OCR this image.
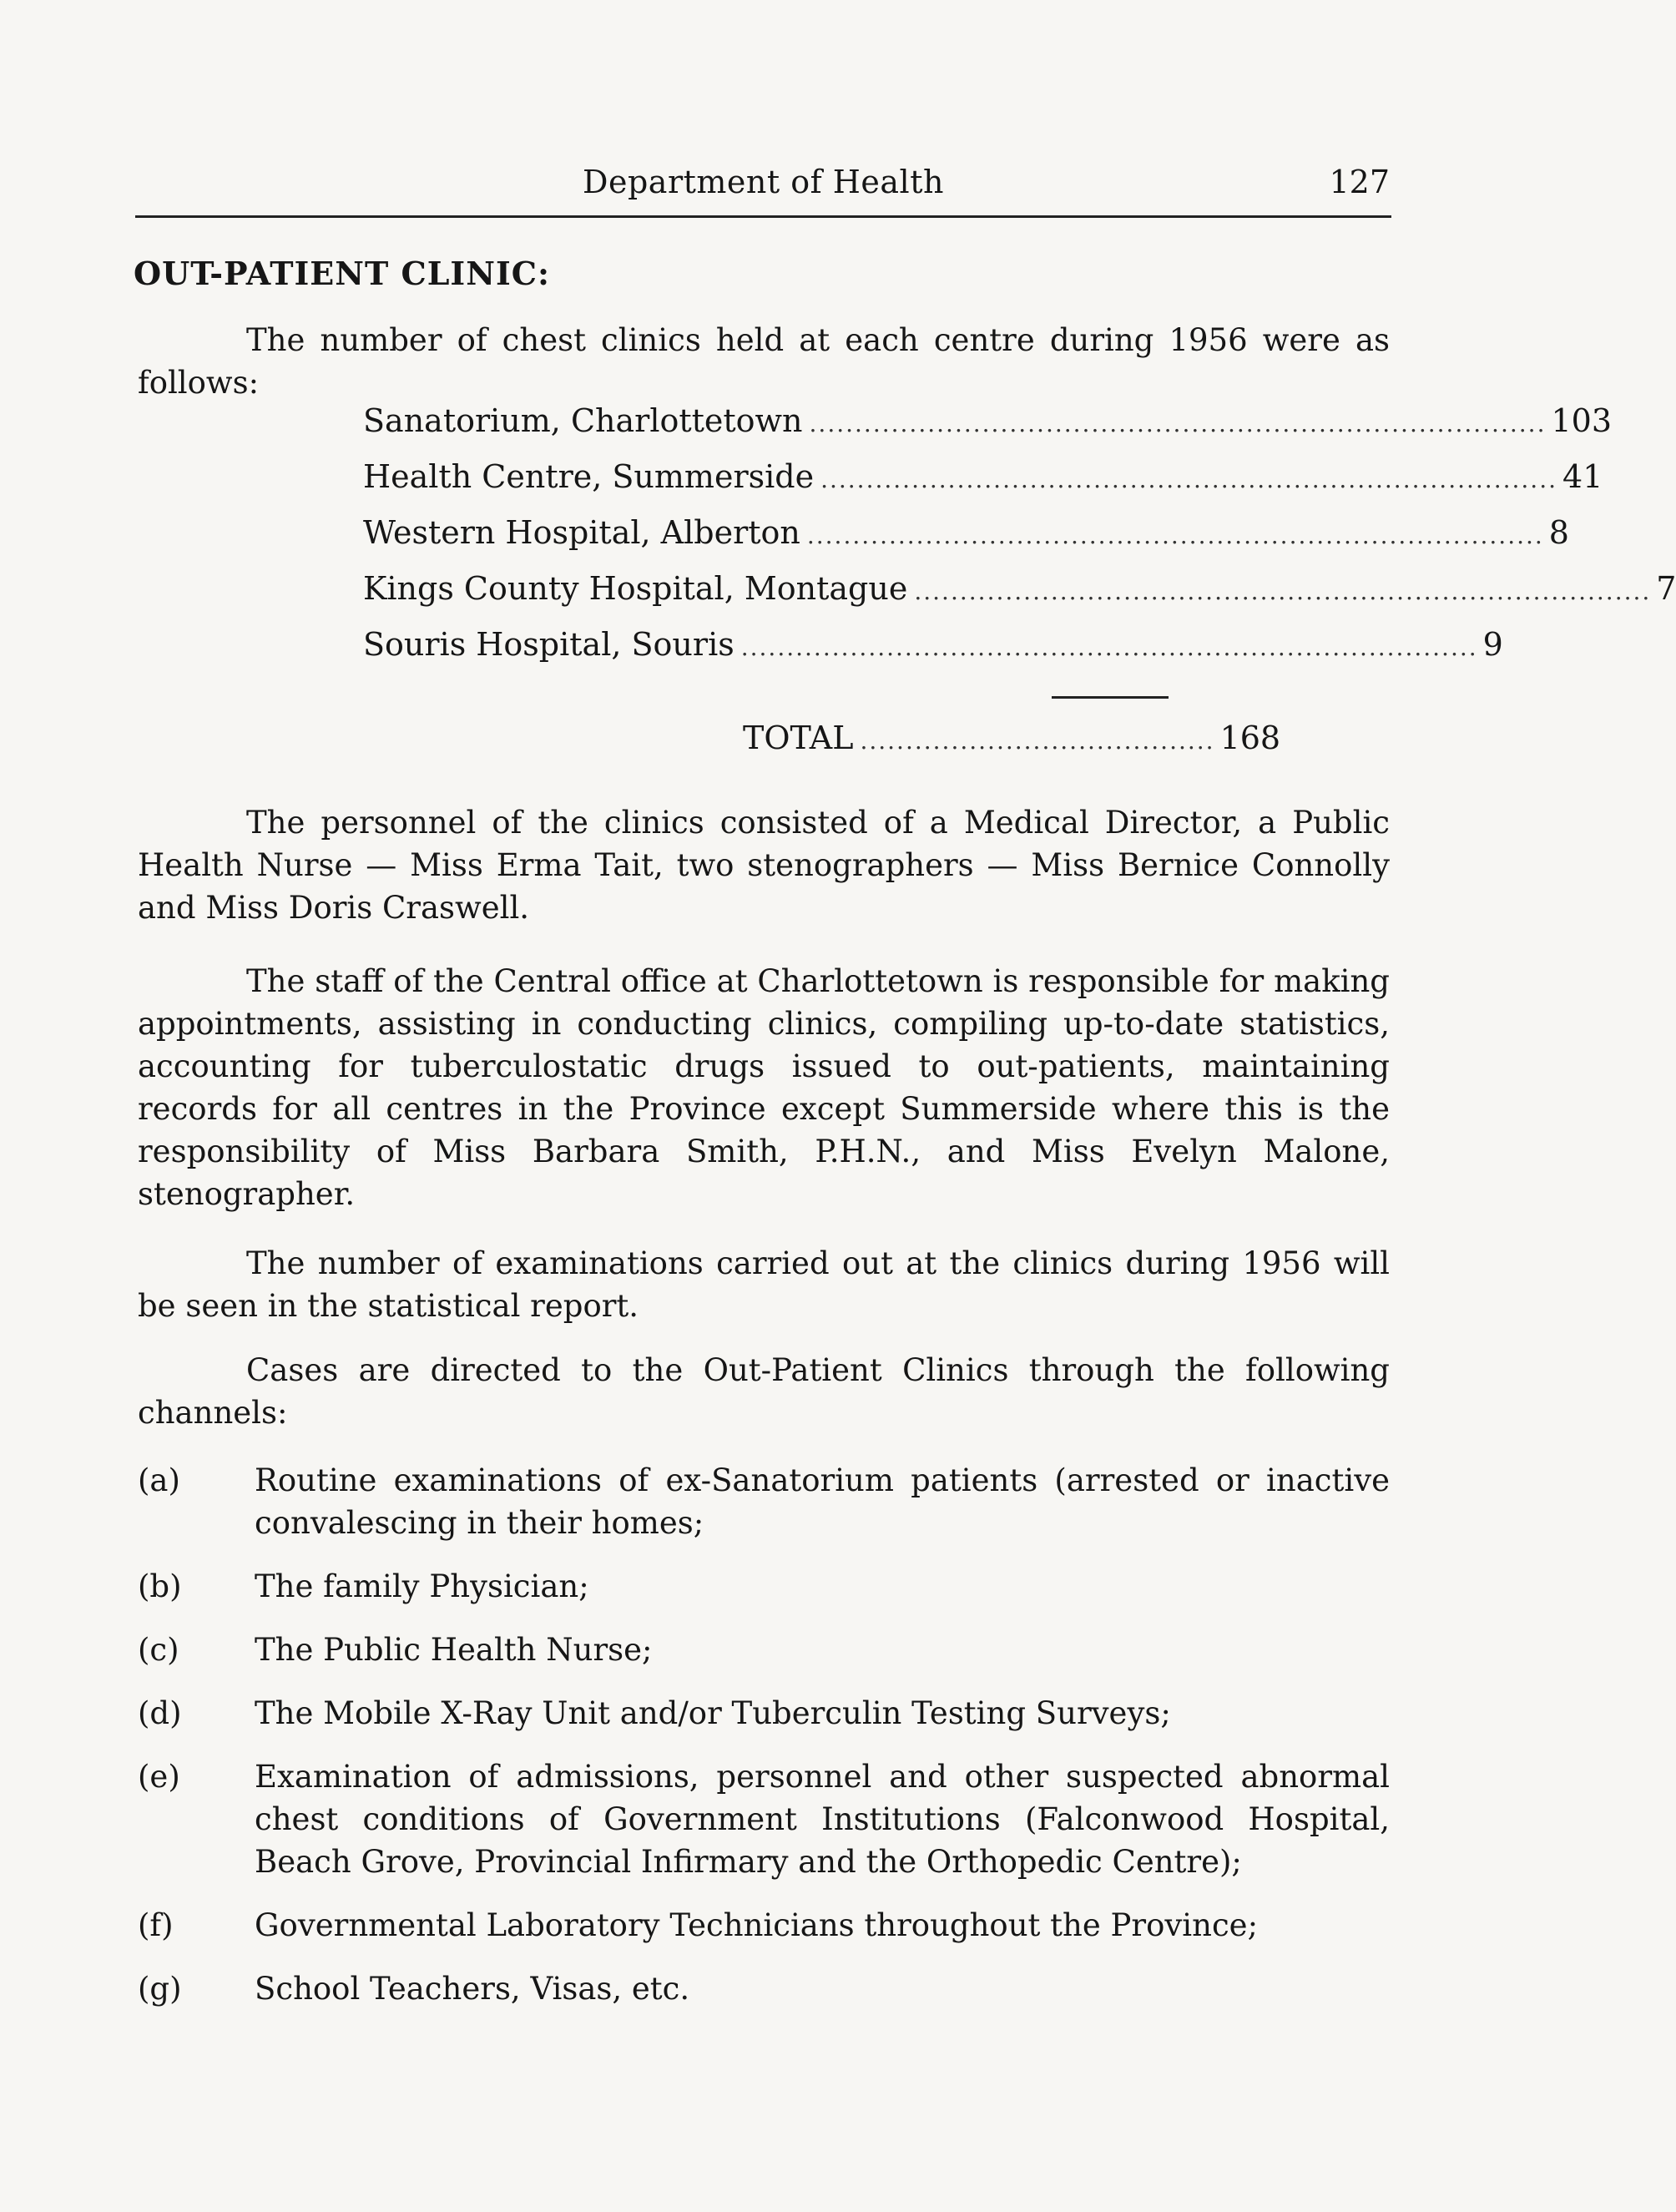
Department of Health	127
OUT-PATIENT CLINIC:

The number of chest clinics held at each centre during 1956 were as follows:

Sanatorium, Charlottetown ................................................................................. 103
Health Centre, Summerside ................................................................................. 41
Western Hospital, Alberton ................................................................................. 8
Kings County Hospital, Montague ................................................................................. 7
Souris Hospital, Souris ................................................................................. 9
TOTAL ....................................... 168

The personnel of the clinics consisted of a Medical Director, a Public Health Nurse — Miss Erma Tait, two stenographers — Miss Bernice Connolly and Miss Doris Craswell.

The staff of the Central office at Charlottetown is responsible for making appointments, assisting in conducting clinics, compiling up-to-date statistics, accounting for tuberculostatic drugs issued to out-patients, maintaining records for all centres in the Province except Summerside where this is the responsibility of Miss Barbara Smith, P.H.N., and Miss Evelyn Malone, stenographer.

The number of examinations carried out at the clinics during 1956 will be seen in the statistical report.

Cases are directed to the Out-Patient Clinics through the following channels:

(a)	Routine examinations of ex-Sanatorium patients (arrested or inactive convalescing in their homes;
(b)	The family Physician;
(c)	The Public Health Nurse;
(d)	The Mobile X-Ray Unit and/or Tuberculin Testing Surveys;
(e)	Examination of admissions, personnel and other suspected abnormal chest conditions of Government Institutions (Falconwood Hospital, Beach Grove, Provincial Infirmary and the Orthopedic Centre);
(f)	Governmental Laboratory Technicians throughout the Province;
(g)	School Teachers, Visas, etc.
